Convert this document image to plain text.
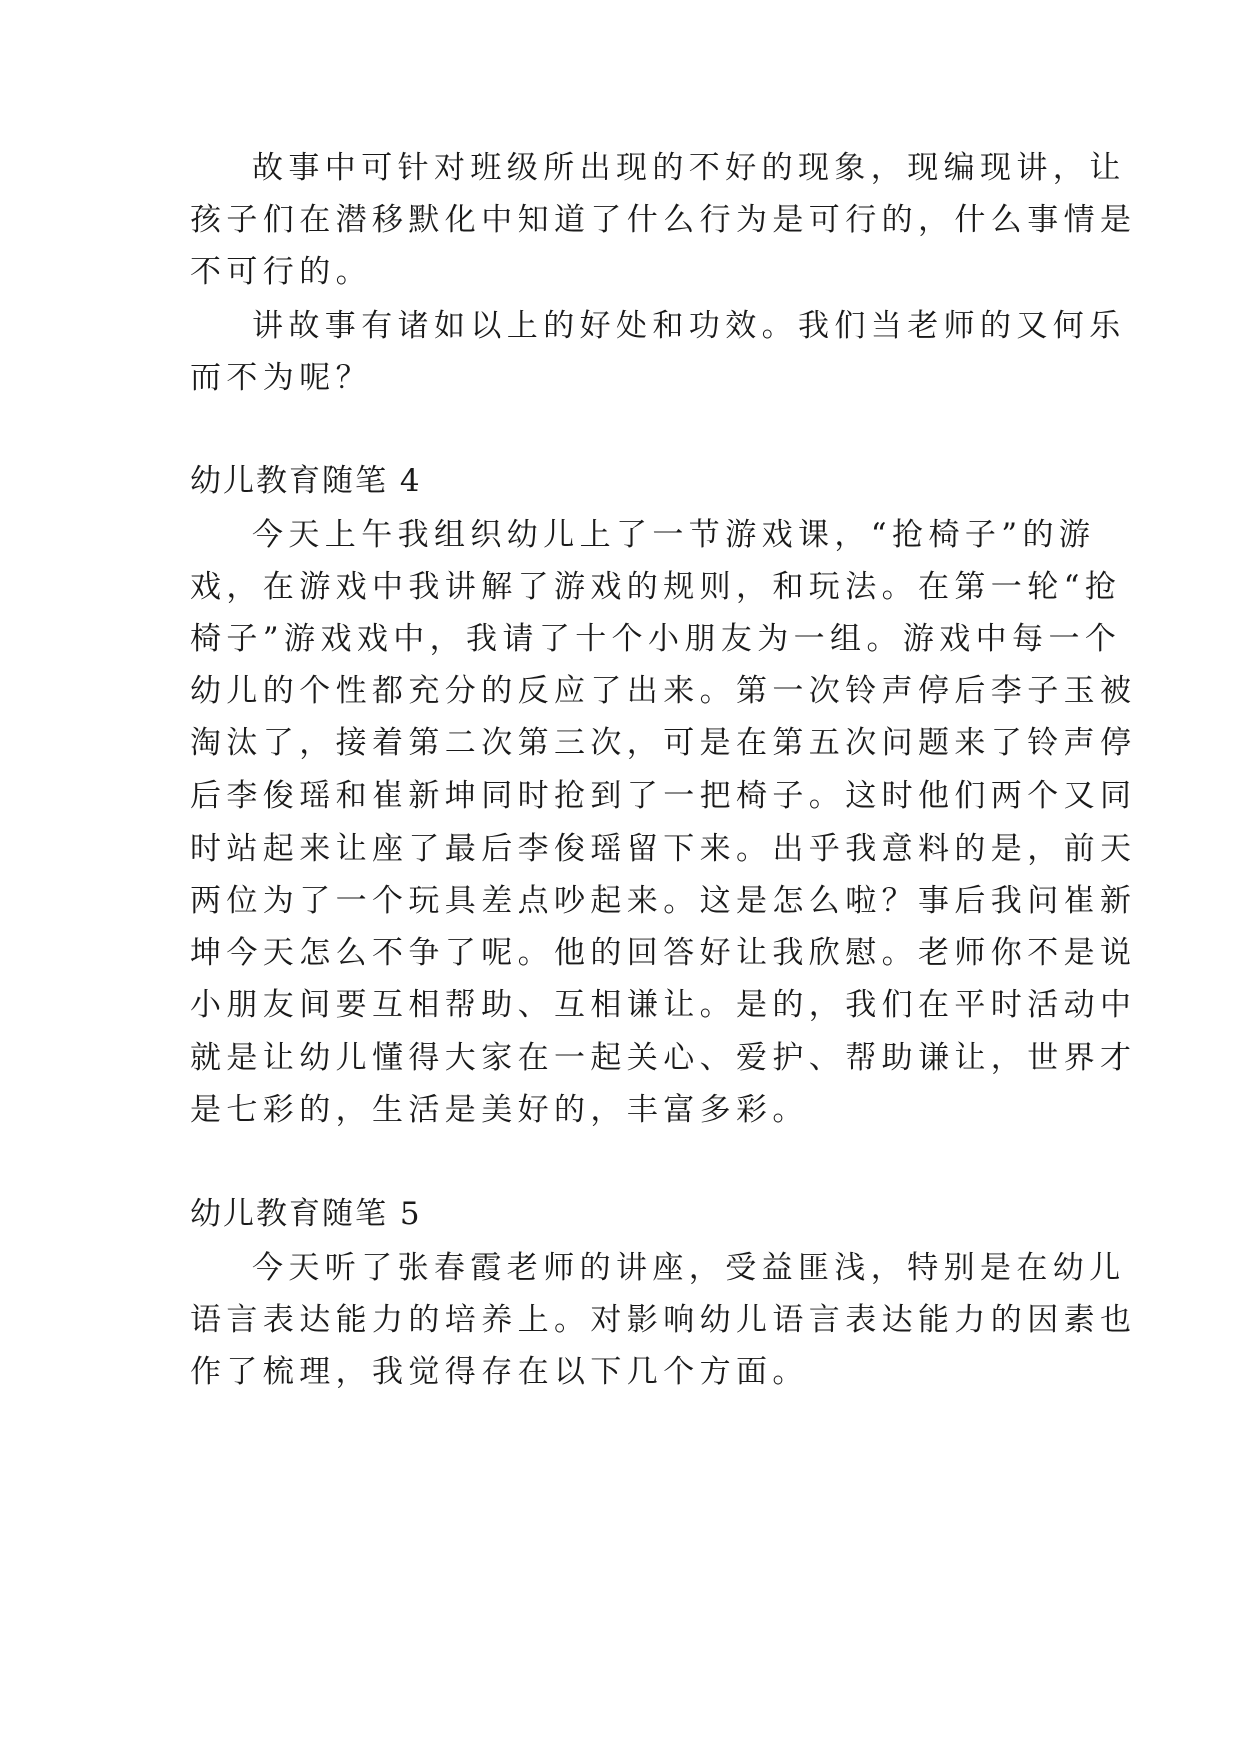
故事中可针对班级所出现的不好的现象，现编现讲，让

孩子们在潜移默化中知道了什么行为是可行的，什么事情是

不可行的。

讲故事有诸如以上的好处和功效。我们当老师的又何乐

而不为呢？

幼儿教育随笔 4

今天上午我组织幼儿上了一节游戏课，“抢椅子”的游

戏，在游戏中我讲解了游戏的规则，和玩法。在第一轮“抢

椅子”游戏戏中，我请了十个小朋友为一组。游戏中每一个

幼儿的个性都充分的反应了出来。第一次铃声停后李子玉被

淘汰了，接着第二次第三次，可是在第五次问题来了铃声停

后李俊瑶和崔新坤同时抢到了一把椅子。这时他们两个又同

时站起来让座了最后李俊瑶留下来。出乎我意料的是，前天

两位为了一个玩具差点吵起来。这是怎么啦？事后我问崔新

坤今天怎么不争了呢。他的回答好让我欣慰。老师你不是说

小朋友间要互相帮助、互相谦让。是的，我们在平时活动中

就是让幼儿懂得大家在一起关心、爱护、帮助谦让，世界才

是七彩的，生活是美好的，丰富多彩。

幼儿教育随笔 5

今天听了张春霞老师的讲座，受益匪浅，特别是在幼儿

语言表达能力的培养上。对影响幼儿语言表达能力的因素也

作了梳理，我觉得存在以下几个方面。
